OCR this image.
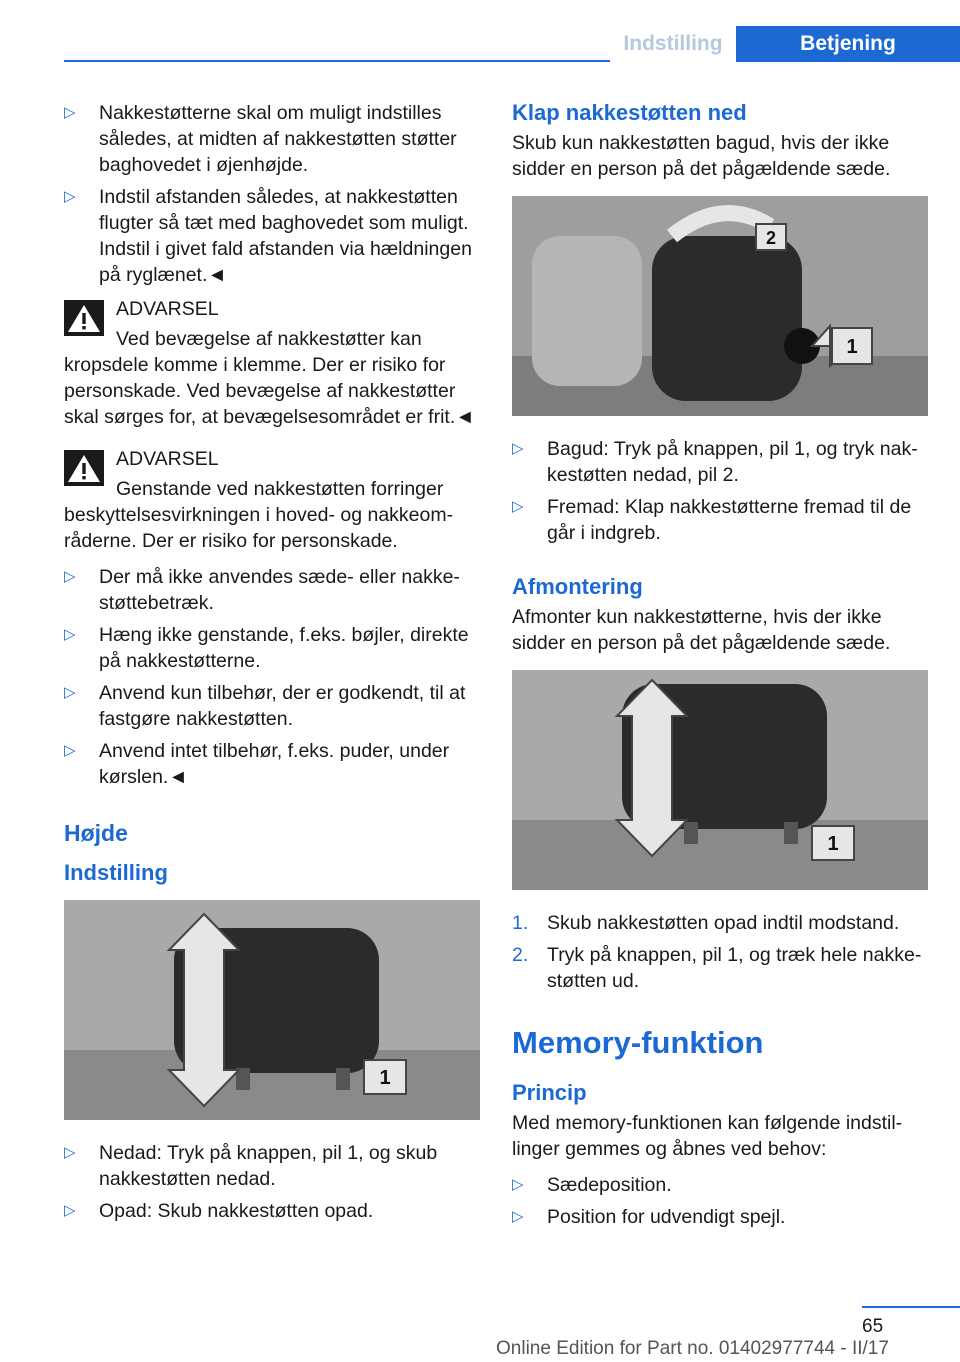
Indstilling	Betjening
▷ Nakkestøtterne skal om muligt indstilles således, at midten af nakkestøtten støtter baghovedet i øjenhøjde.
▷ Indstil afstanden således, at nakkestøtten flugter så tæt med baghovedet som muligt. Indstil i givet fald afstanden via hældningen på ryglænet.◄
ADVARSEL
Ved bevægelse af nakkestøtter kan kropsdele komme i klemme. Der er risiko for personskade. Ved bevægelse af nakkestøtter skal sørges for, at bevægelsesområdet er frit.◄
ADVARSEL
Genstande ved nakkestøtten forringer beskyttelsesvirkningen i hoved- og nakkeom-råderne. Der er risiko for personskade.
▷ Der må ikke anvendes sæde- eller nakke-støttebetræk.
▷ Hæng ikke genstande, f.eks. bøjler, direkte på nakkestøtterne.
▷ Anvend kun tilbehør, der er godkendt, til at fastgøre nakkestøtten.
▷ Anvend intet tilbehør, f.eks. puder, under kørslen.◄
Højde
Indstilling
1
▷ Nedad: Tryk på knappen, pil 1, og skub nakkestøtten nedad.
▷ Opad: Skub nakkestøtten opad.
Klap nakkestøtten ned

Skub kun nakkestøtten bagud, hvis der ikke sidder en person på det pågældende sæde.

2
1
▷ Bagud: Tryk på knappen, pil 1, og tryk nak-kestøtten nedad, pil 2.
▷ Fremad: Klap nakkestøtterne fremad til de går i indgreb.
Afmontering

Afmonter kun nakkestøtterne, hvis der ikke sidder en person på det pågældende sæde.

1
1. Skub nakkestøtten opad indtil modstand.
2. Tryk på knappen, pil 1, og træk hele nakke-støtten ud.
Memory-funktion
Princip

Med memory-funktionen kan følgende indstil-linger gemmes og åbnes ved behov:

▷ Sædeposition.
▷ Position for udvendigt spejl.
65
Online Edition for Part no. 01402977744 - II/17
